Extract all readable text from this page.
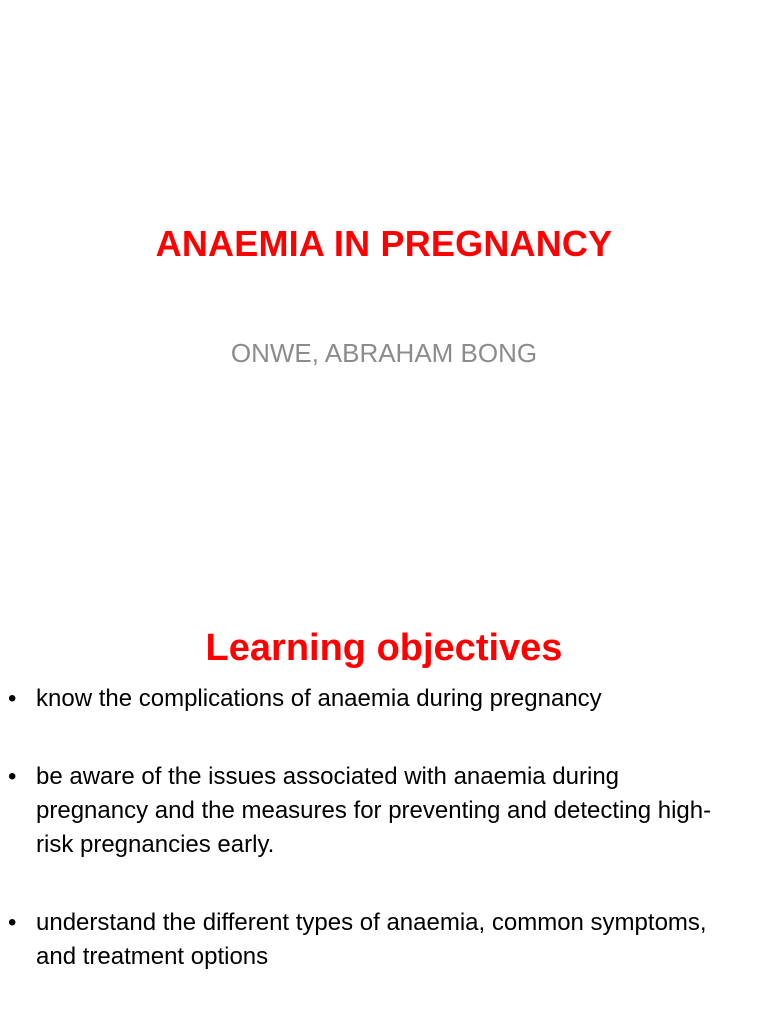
ANAEMIA IN PREGNANCY
ONWE, ABRAHAM BONG
Learning objectives
• know the complications of anaemia during pregnancy
• be aware of the issues associated with anaemia during pregnancy and the measures for preventing and detecting high-risk pregnancies early.
• understand the different types of anaemia, common symptoms, and treatment options
